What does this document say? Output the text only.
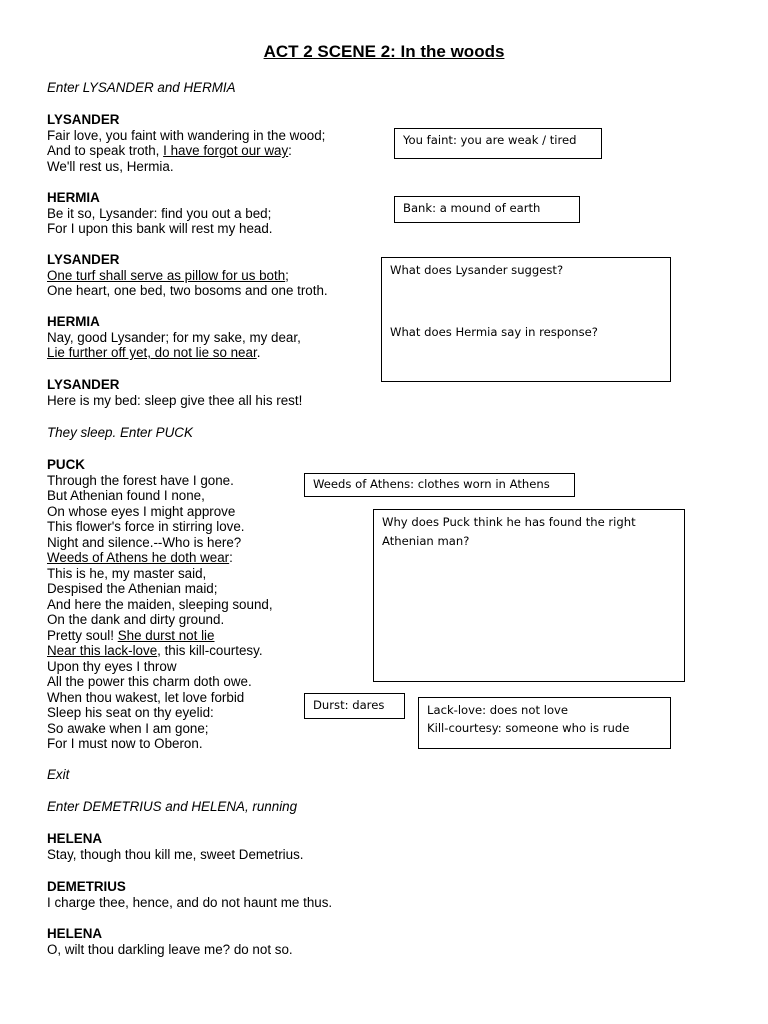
ACT 2 SCENE 2: In the woods
Enter LYSANDER and HERMIA
LYSANDER
Fair love, you faint with wandering in the wood;
And to speak troth, I have forgot our way:
We'll rest us, Hermia.
HERMIA
Be it so, Lysander: find you out a bed;
For I upon this bank will rest my head.
LYSANDER
One turf shall serve as pillow for us both;
One heart, one bed, two bosoms and one troth.
HERMIA
Nay, good Lysander; for my sake, my dear,
Lie further off yet, do not lie so near.
LYSANDER
Here is my bed: sleep give thee all his rest!
They sleep. Enter PUCK
PUCK
Through the forest have I gone.
But Athenian found I none,
On whose eyes I might approve
This flower's force in stirring love.
Night and silence.--Who is here?
Weeds of Athens he doth wear:
This is he, my master said,
Despised the Athenian maid;
And here the maiden, sleeping sound,
On the dank and dirty ground.
Pretty soul! She durst not lie
Near this lack-love, this kill-courtesy.
Upon thy eyes I throw
All the power this charm doth owe.
When thou wakest, let love forbid
Sleep his seat on thy eyelid:
So awake when I am gone;
For I must now to Oberon.
Exit
Enter DEMETRIUS and HELENA, running
HELENA
Stay, though thou kill me, sweet Demetrius.
DEMETRIUS
I charge thee, hence, and do not haunt me thus.
HELENA
O, wilt thou darkling leave me? do not so.
You faint: you are weak / tired
Bank: a mound of earth
What does Lysander suggest?
What does Hermia say in response?
Weeds of Athens: clothes worn in Athens
Why does Puck think he has found the right
Athenian man?
Durst: dares	Lack-love: does not love
Kill-courtesy: someone who is rude
